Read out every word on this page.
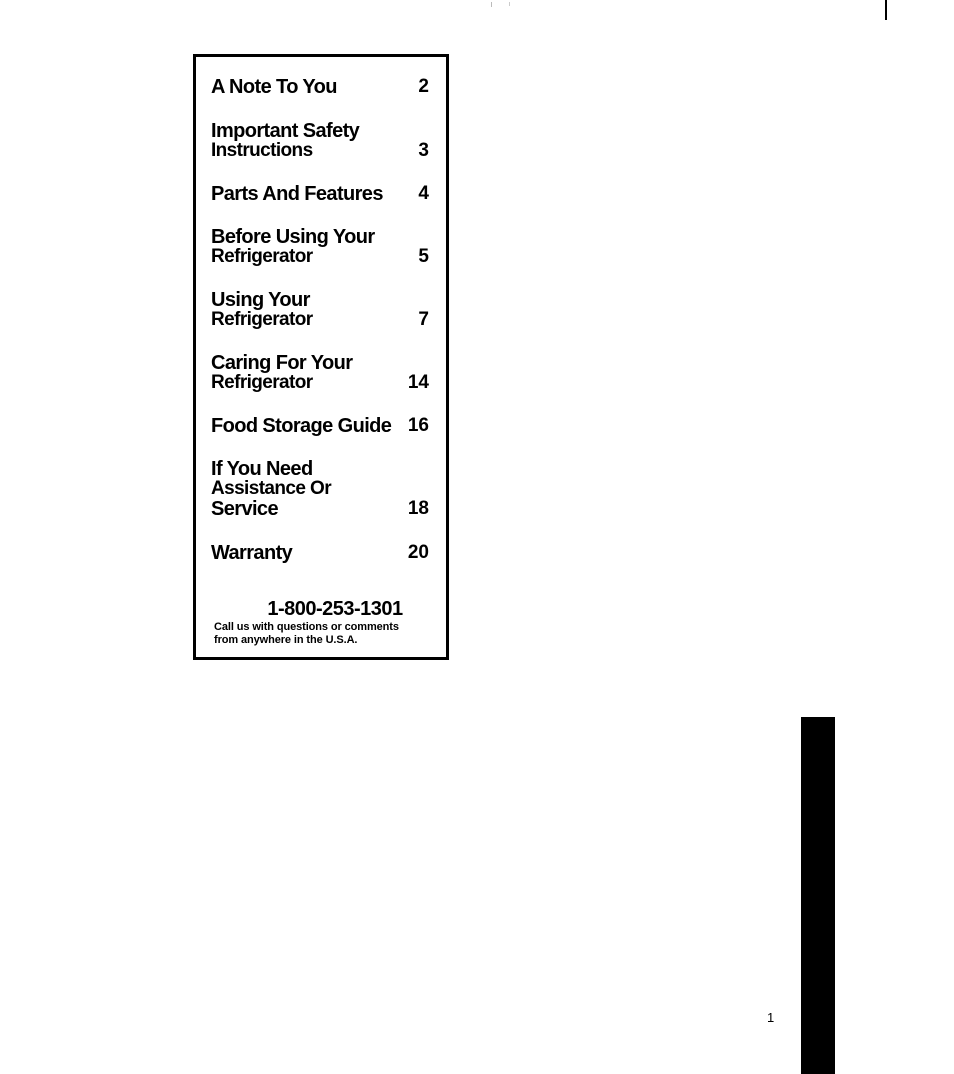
A Note To You	2
Important Safety
Instructions	3
Parts And Features	4
Before Using Your
Refrigerator	5
Using Your
Refrigerator	7
Caring For Your
Refrigerator	14
Food Storage Guide 16
If You Need
Assistance Or
Service	18
Warranty	20
1-800-253-1301
Call us with questions or comments
from anywhere in the U.S.A.
1
